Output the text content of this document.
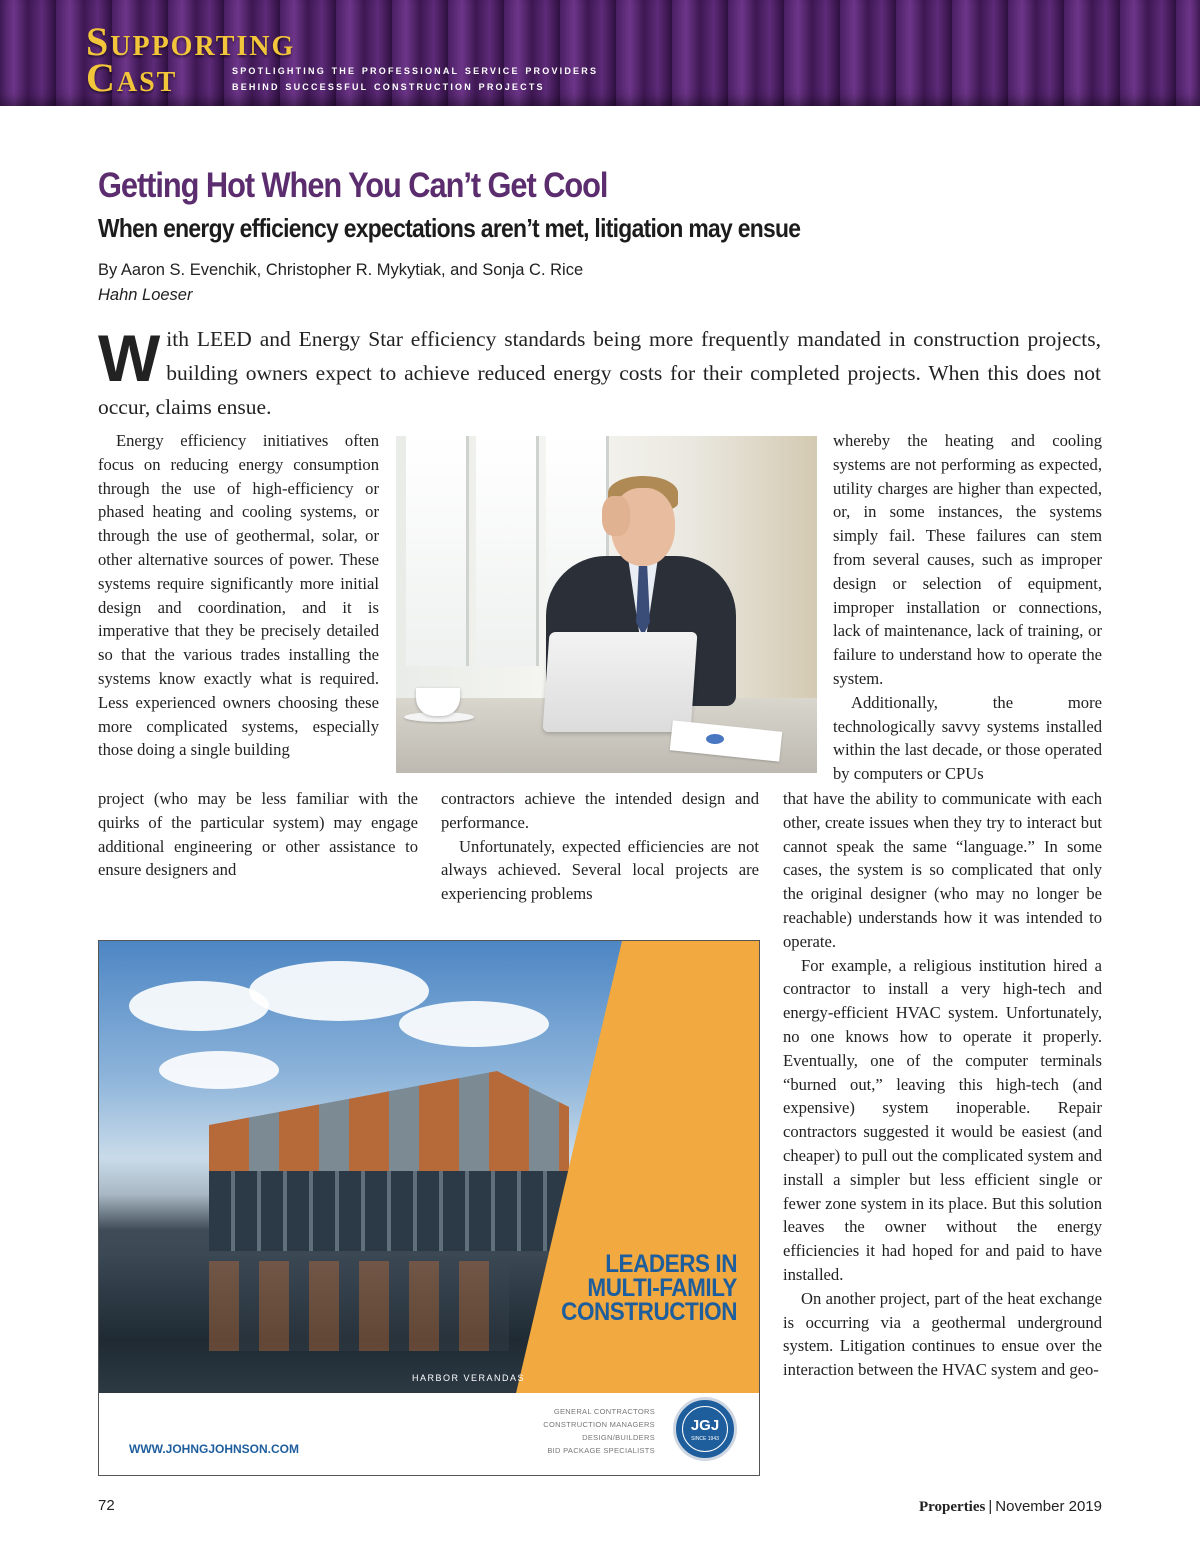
Supporting
Cast	spotlighting the professional service providers
behind successful construction projects
Getting Hot When You Can’t Get Cool
When energy efficiency expectations aren’t met, litigation may ensue
By Aaron S. Evenchik, Christopher R. Mykytiak, and Sonja C. Rice
Hahn Loeser
W ith LEED and Energy Star efficiency standards being more frequently mandated in construction projects, building owners expect to achieve reduced energy costs for their completed projects. When this does not occur, claims ensue.

Energy efficiency initiatives often focus on reducing energy consumption through the use of high-efficiency or phased heating and cooling systems, or through the use of geothermal, solar, or other alternative sources of power. These systems require significantly more initial design and coordination, and it is imperative that they be precisely detailed so that the various trades installing the systems know exactly what is required. Less experienced owners choosing these more complicated systems, especially those doing a single building

project (who may be less familiar with the quirks of the particular system) may engage additional engineering or other assistance to ensure designers and

contractors achieve the intended design and performance.

Unfortunately, expected efficiencies are not always achieved. Several local projects are experiencing problems

whereby the heating and cooling systems are not performing as expected, utility charges are higher than expected, or, in some instances, the systems simply fail. These failures can stem from several causes, such as improper design or selection of equipment, improper installation or connections, lack of maintenance, lack of training, or failure to understand how to operate the system.

Additionally, the more technologically savvy systems installed within the last decade, or those operated by computers or CPUs

that have the ability to communicate with each other, create issues when they try to interact but cannot speak the same “language.” In some cases, the system is so complicated that only the original designer (who may no longer be reachable) understands how it was intended to operate.

For example, a religious institution hired a contractor to install a very high-tech and energy-efficient HVAC system. Unfortunately, no one knows how to operate it properly. Eventually, one of the computer terminals “burned out,” leaving this high-tech (and expensive) system inoperable. Repair contractors suggested it would be easiest (and cheaper) to pull out the complicated system and install a simpler but less efficient single or fewer zone system in its place. But this solution leaves the owner without the energy efficiencies it had hoped for and paid to have installed.

On another project, part of the heat exchange is occurring via a geothermal underground system. Litigation continues to ensue over the interaction between the HVAC system and geo-

LEADERS IN
MULTI-FAMILY
CONSTRUCTION
HARBOR VERANDAS
WWW.JOHNGJOHNSON.COM
GENERAL CONTRACTORS
CONSTRUCTION MANAGERS
DESIGN/BUILDERS
BID PACKAGE SPECIALISTS
JGJ
SINCE 1943
72	Properties | November 2019
